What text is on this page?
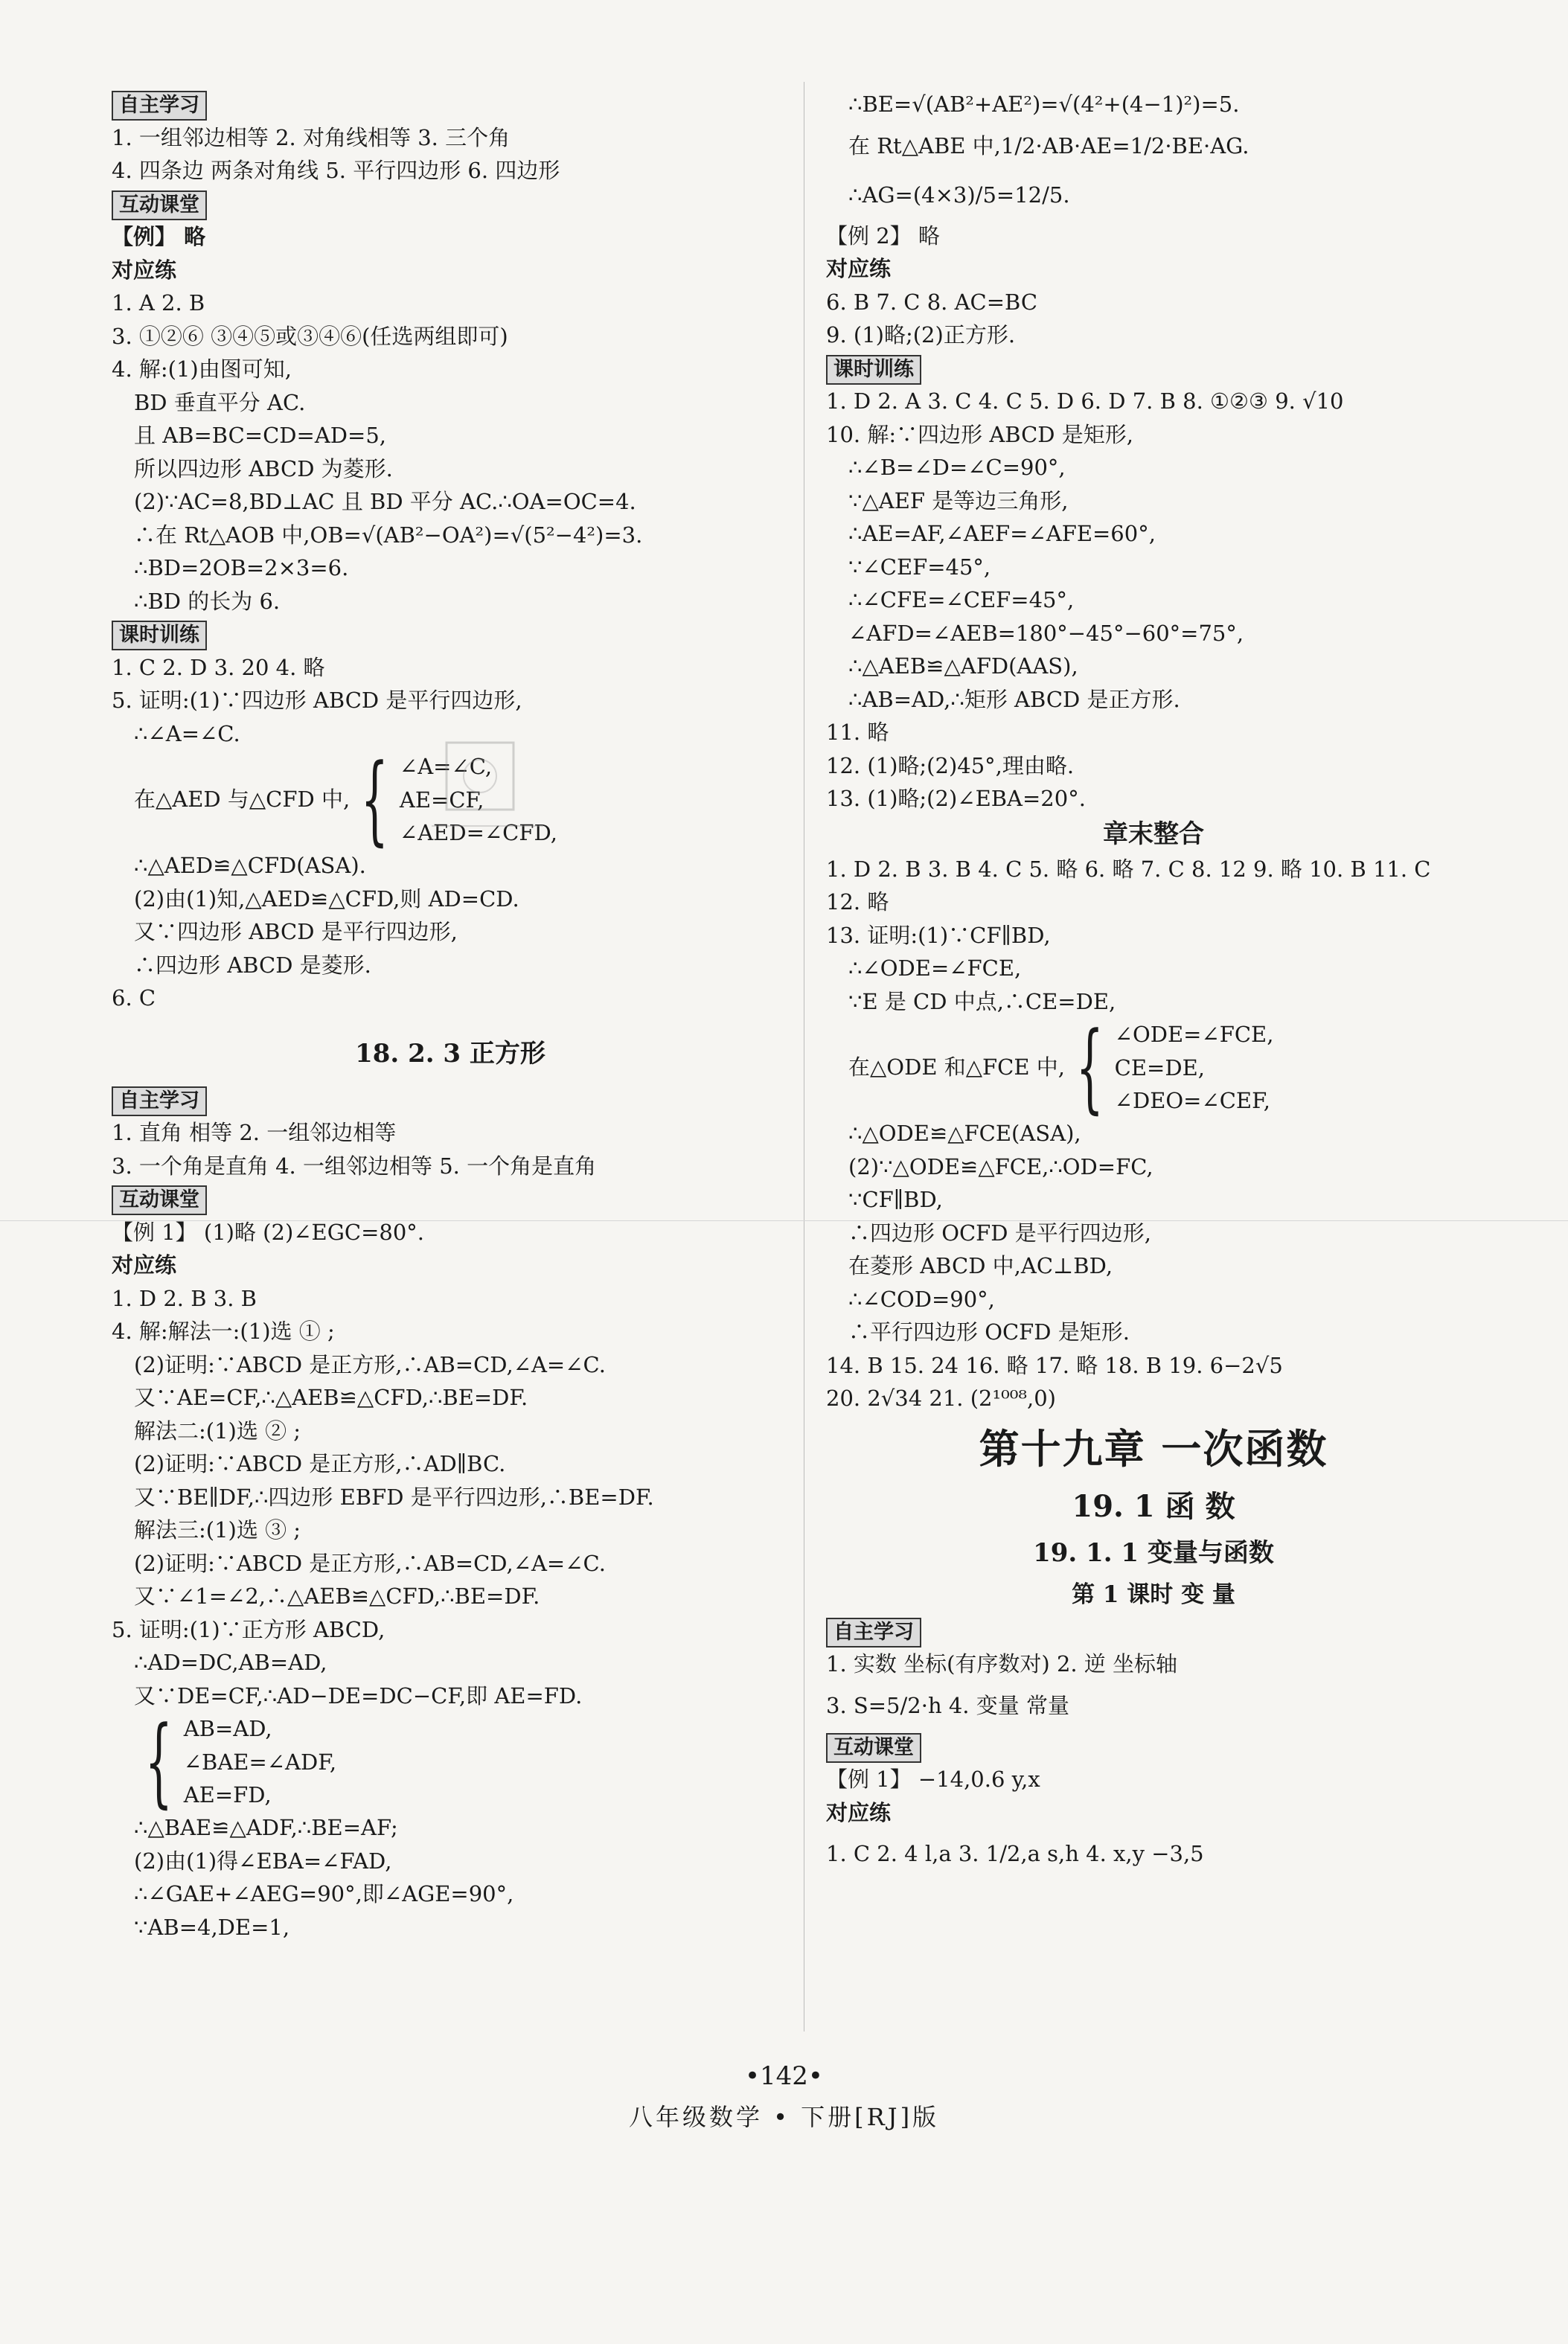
自主学习
1. 一组邻边相等 2. 对角线相等 3. 三个角
4. 四条边 两条对角线 5. 平行四边形 6. 四边形
互动课堂
【例】 略
对应练
1. A 2. B
3. ①②⑥ ③④⑤或③④⑥(任选两组即可)
4. 解:(1)由图可知,
BD 垂直平分 AC.
且 AB=BC=CD=AD=5,
所以四边形 ABCD 为菱形.
(2)∵AC=8,BD⊥AC 且 BD 平分 AC.∴OA=OC=4.
∴在 Rt△AOB 中,OB=√(AB²−OA²)=√(5²−4²)=3.
∴BD=2OB=2×3=6.
∴BD 的长为 6.
课时训练
1. C 2. D 3. 20 4. 略
5. 证明:(1)∵四边形 ABCD 是平行四边形,
∴∠A=∠C.
在△AED 与△CFD 中, { ∠A=∠C,
AE=CF,
∠AED=∠CFD,
∴△AED≌△CFD(ASA).
(2)由(1)知,△AED≌△CFD,则 AD=CD.
又∵四边形 ABCD 是平行四边形,
∴四边形 ABCD 是菱形.
6. C
18. 2. 3 正方形
自主学习
1. 直角 相等 2. 一组邻边相等
3. 一个角是直角 4. 一组邻边相等 5. 一个角是直角
互动课堂
【例 1】 (1)略 (2)∠EGC=80°.
对应练
1. D 2. B 3. B
4. 解:解法一:(1)选 ① ;
(2)证明:∵ABCD 是正方形,∴AB=CD,∠A=∠C.
又∵AE=CF,∴△AEB≌△CFD,∴BE=DF.
解法二:(1)选 ② ;
(2)证明:∵ABCD 是正方形,∴AD∥BC.
又∵BE∥DF,∴四边形 EBFD 是平行四边形,∴BE=DF.
解法三:(1)选 ③ ;
(2)证明:∵ABCD 是正方形,∴AB=CD,∠A=∠C.
又∵∠1=∠2,∴△AEB≌△CFD,∴BE=DF.
5. 证明:(1)∵正方形 ABCD,
∴AD=DC,AB=AD,
又∵DE=CF,∴AD−DE=DC−CF,即 AE=FD.
{ AB=AD,
∠BAE=∠ADF,
AE=FD,
∴△BAE≌△ADF,∴BE=AF;
(2)由(1)得∠EBA=∠FAD,
∴∠GAE+∠AEG=90°,即∠AGE=90°,
∵AB=4,DE=1,
∴BE=√(AB²+AE²)=√(4²+(4−1)²)=5.
在 Rt△ABE 中,1/2·AB·AE=1/2·BE·AG.
∴AG=(4×3)/5=12/5.
【例 2】 略
对应练
6. B 7. C 8. AC=BC
9. (1)略;(2)正方形.
课时训练
1. D 2. A 3. C 4. C 5. D 6. D 7. B 8. ①②③ 9. √10
10. 解:∵四边形 ABCD 是矩形,
∴∠B=∠D=∠C=90°,
∵△AEF 是等边三角形,
∴AE=AF,∠AEF=∠AFE=60°,
∵∠CEF=45°,
∴∠CFE=∠CEF=45°,
∠AFD=∠AEB=180°−45°−60°=75°,
∴△AEB≌△AFD(AAS),
∴AB=AD,∴矩形 ABCD 是正方形.
11. 略
12. (1)略;(2)45°,理由略.
13. (1)略;(2)∠EBA=20°.
章末整合
1. D 2. B 3. B 4. C 5. 略 6. 略 7. C 8. 12 9. 略 10. B 11. C
12. 略
13. 证明:(1)∵CF∥BD,
∴∠ODE=∠FCE,
∵E 是 CD 中点,∴CE=DE,
在△ODE 和△FCE 中, { ∠ODE=∠FCE,
CE=DE,
∠DEO=∠CEF,
∴△ODE≌△FCE(ASA),
(2)∵△ODE≌△FCE,∴OD=FC,
∵CF∥BD,
∴四边形 OCFD 是平行四边形,
在菱形 ABCD 中,AC⊥BD,
∴∠COD=90°,
∴平行四边形 OCFD 是矩形.
14. B 15. 24 16. 略 17. 略 18. B 19. 6−2√5
20. 2√34 21. (2¹⁰⁰⁸,0)
第十九章 一次函数
19. 1 函 数
19. 1. 1 变量与函数
第 1 课时 变 量
自主学习
1. 实数 坐标(有序数对) 2. 逆 坐标轴
3. S=5/2·h 4. 变量 常量
互动课堂
【例 1】 −14,0.6 y,x
对应练
1. C 2. 4 l,a 3. 1/2,a s,h 4. x,y −3,5
•142•
八年级数学 • 下册[RJ]版
